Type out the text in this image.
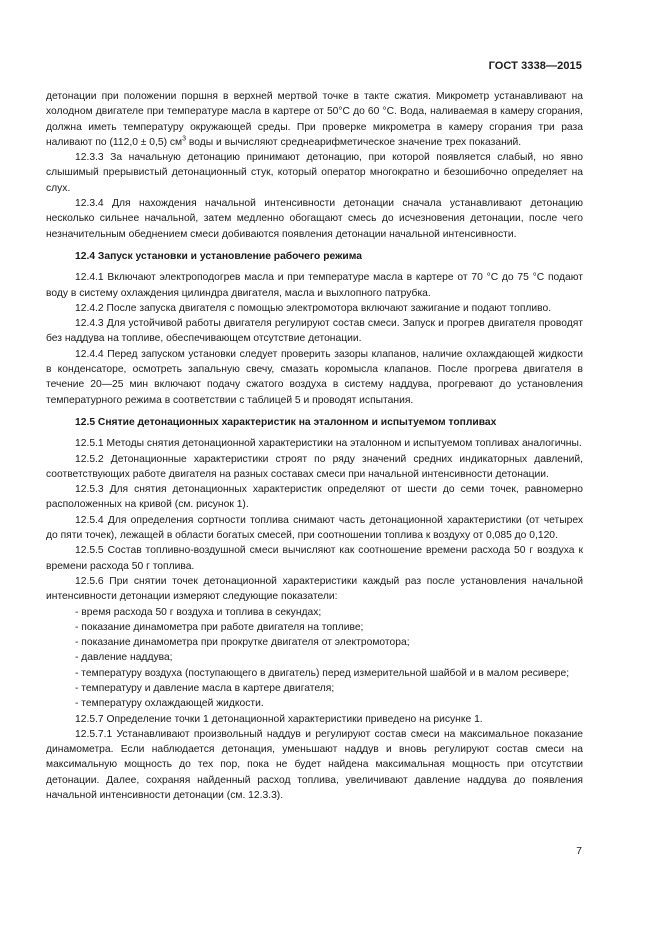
ГОСТ 3338—2015

детонации при положении поршня в верхней мертвой точке в такте сжатия. Микрометр устанавливают на холодном двигателе при температуре масла в картере от 50°С до 60 °С. Вода, наливаемая в камеру сгорания, должна иметь температуру окружающей среды. При проверке микрометра в камеру сгорания три раза наливают по (112,0 ± 0,5) $см^3$ воды и вычисляют среднеарифметическое значение трех показаний.

12.3.3 За начальную детонацию принимают детонацию, при которой появляется слабый, но явно слышимый прерывистый детонационный стук, который оператор многократно и безошибочно определяет на слух.

12.3.4 Для нахождения начальной интенсивности детонации сначала устанавливают детонацию несколько сильнее начальной, затем медленно обогащают смесь до исчезновения детонации, после чего незначительным обеднением смеси добиваются появления детонации начальной интенсивности.

12.4 Запуск установки и установление рабочего режима

12.4.1 Включают электроподогрев масла и при температуре масла в картере от 70 °С до 75 °С подают воду в систему охлаждения цилиндра двигателя, масла и выхлопного патрубка.

12.4.2 После запуска двигателя с помощью электромотора включают зажигание и подают топливо.

12.4.3 Для устойчивой работы двигателя регулируют состав смеси. Запуск и прогрев двигателя проводят без наддува на топливе, обеспечивающем отсутствие детонации.

12.4.4 Перед запуском установки следует проверить зазоры клапанов, наличие охлаждающей жидкости в конденсаторе, осмотреть запальную свечу, смазать коромысла клапанов. После прогрева двигателя в течение 20—25 мин включают подачу сжатого воздуха в систему наддува, прогревают до установления температурного режима в соответствии с таблицей 5 и проводят испытания.

12.5 Снятие детонационных характеристик на эталонном и испытуемом топливах

12.5.1 Методы снятия детонационной характеристики на эталонном и испытуемом топливах аналогичны.

12.5.2 Детонационные характеристики строят по ряду значений средних индикаторных давлений, соответствующих работе двигателя на разных составах смеси при начальной интенсивности детонации.

12.5.3 Для снятия детонационных характеристик определяют от шести до семи точек, равномерно расположенных на кривой (см. рисунок 1).

12.5.4 Для определения сортности топлива снимают часть детонационной характеристики (от четырех до пяти точек), лежащей в области богатых смесей, при соотношении топлива к воздуху от 0,085 до 0,120.

12.5.5 Состав топливно-воздушной смеси вычисляют как соотношение времени расхода 50 г воздуха к времени расхода 50 г топлива.

12.5.6 При снятии точек детонационной характеристики каждый раз после установления начальной интенсивности детонации измеряют следующие показатели:

- время расхода 50 г воздуха и топлива в секундах;

- показание динамометра при работе двигателя на топливе;

- показание динамометра при прокрутке двигателя от электромотора;

- давление наддува;

- температуру воздуха (поступающего в двигатель) перед измерительной шайбой и в малом ресивере;

- температуру и давление масла в картере двигателя;

- температуру охлаждающей жидкости.

12.5.7 Определение точки 1 детонационной характеристики приведено на рисунке 1.

12.5.7.1 Устанавливают произвольный наддув и регулируют состав смеси на максимальное показание динамометра. Если наблюдается детонация, уменьшают наддув и вновь регулируют состав смеси на максимальную мощность до тех пор, пока не будет найдена максимальная мощность при отсутствии детонации. Далее, сохраняя найденный расход топлива, увеличивают давление наддува до появления начальной интенсивности детонации (см. 12.3.3).

7
